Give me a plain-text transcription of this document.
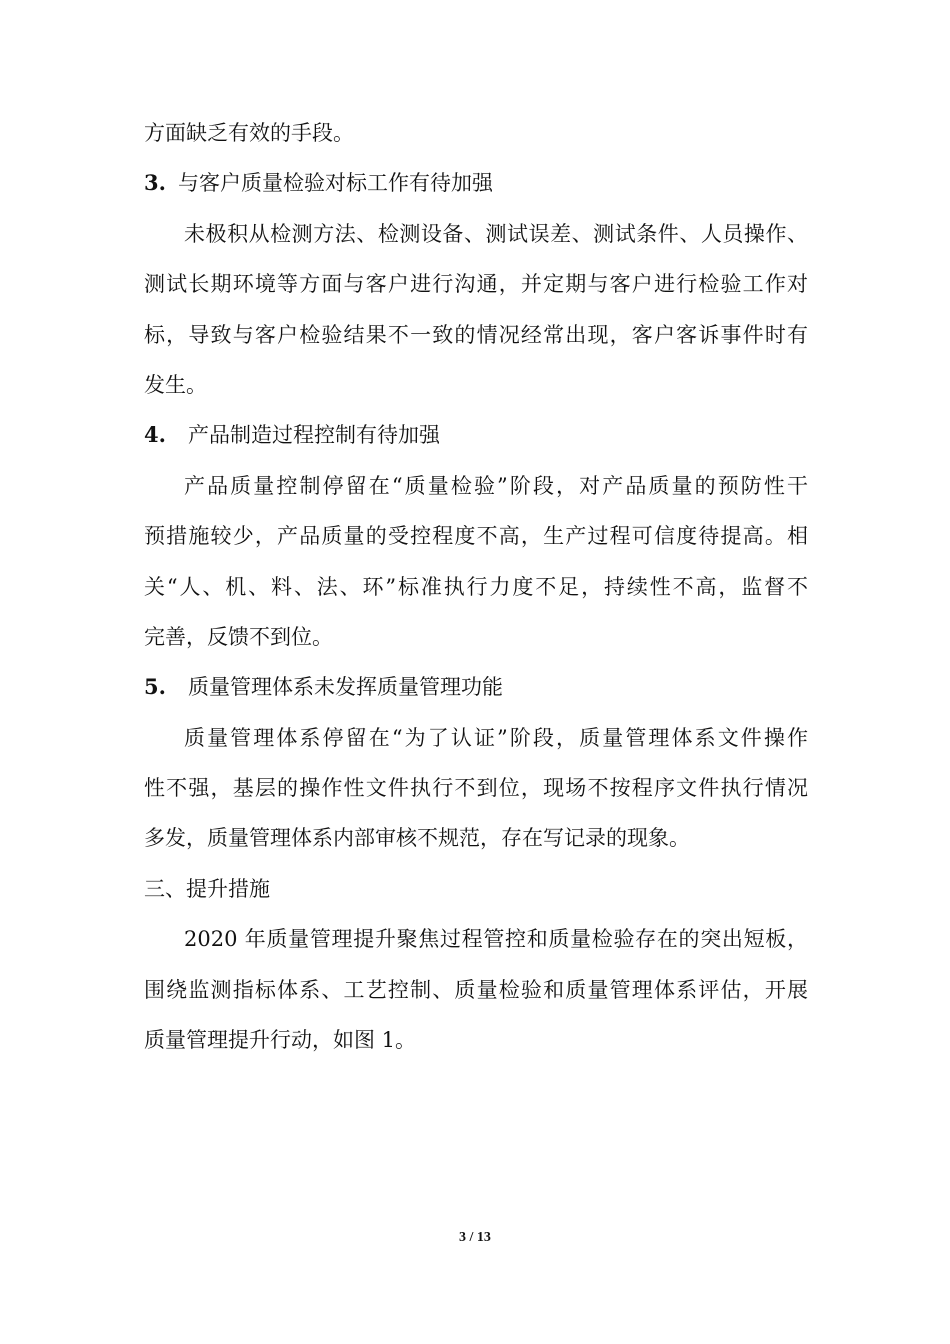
方面缺乏有效的手段。
3. 与客户质量检验对标工作有待加强
未极积从检测方法、检测设备、测试误差、测试条件、人员操作、
测试长期环境等方面与客户进行沟通，并定期与客户进行检验工作对
标，导致与客户检验结果不一致的情况经常出现，客户客诉事件时有
发生。
4. 产品制造过程控制有待加强
产品质量控制停留在“质量检验”阶段，对产品质量的预防性干
预措施较少，产品质量的受控程度不高，生产过程可信度待提高。相
关“人、机、料、法、环”标准执行力度不足，持续性不高，监督不
完善，反馈不到位。
5. 质量管理体系未发挥质量管理功能
质量管理体系停留在“为了认证”阶段，质量管理体系文件操作
性不强，基层的操作性文件执行不到位，现场不按程序文件执行情况
多发，质量管理体系内部审核不规范，存在写记录的现象。
三、提升措施
2020 年质量管理提升聚焦过程管控和质量检验存在的突出短板，
围绕监测指标体系、工艺控制、质量检验和质量管理体系评估，开展
质量管理提升行动，如图 1。
3 / 13
